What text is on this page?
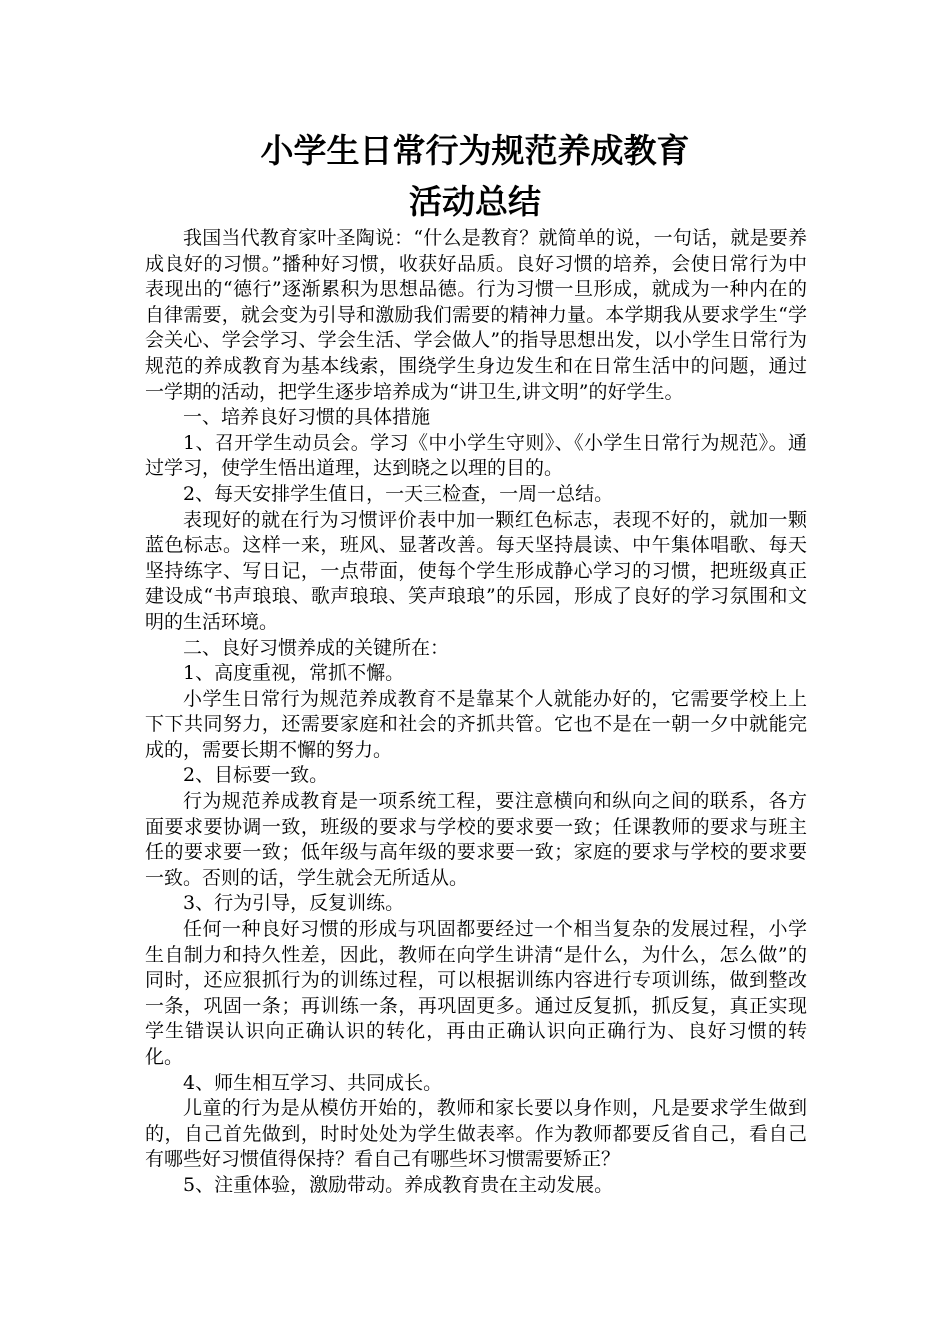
小学生日常行为规范养成教育
活动总结

我国当代教育家叶圣陶说：“什么是教育？就简单的说，一句话，就是要养成良好的习惯。”播种好习惯，收获好品质。良好习惯的培养，会使日常行为中表现出的“德行”逐渐累积为思想品德。行为习惯一旦形成，就成为一种内在的自律需要，就会变为引导和激励我们需要的精神力量。本学期我从要求学生“学会关心、学会学习、学会生活、学会做人”的指导思想出发，以小学生日常行为规范的养成教育为基本线索，围绕学生身边发生和在日常生活中的问题，通过一学期的活动，把学生逐步培养成为“讲卫生,讲文明”的好学生。

一、培养良好习惯的具体措施

1、召开学生动员会。学习《中小学生守则》、《小学生日常行为规范》。通过学习，使学生悟出道理，达到晓之以理的目的。

2、每天安排学生值日，一天三检查，一周一总结。

表现好的就在行为习惯评价表中加一颗红色标志，表现不好的，就加一颗蓝色标志。这样一来，班风、显著改善。每天坚持晨读、中午集体唱歌、每天坚持练字、写日记，一点带面，使每个学生形成静心学习的习惯，把班级真正建设成“书声琅琅、歌声琅琅、笑声琅琅”的乐园，形成了良好的学习氛围和文明的生活环境。

二、良好习惯养成的关键所在：

1、高度重视，常抓不懈。

小学生日常行为规范养成教育不是靠某个人就能办好的，它需要学校上上下下共同努力，还需要家庭和社会的齐抓共管。它也不是在一朝一夕中就能完成的，需要长期不懈的努力。

2、目标要一致。

行为规范养成教育是一项系统工程，要注意横向和纵向之间的联系，各方面要求要协调一致，班级的要求与学校的要求要一致；任课教师的要求与班主任的要求要一致；低年级与高年级的要求要一致；家庭的要求与学校的要求要一致。否则的话，学生就会无所适从。

3、行为引导，反复训练。

任何一种良好习惯的形成与巩固都要经过一个相当复杂的发展过程，小学生自制力和持久性差，因此，教师在向学生讲清“是什么，为什么，怎么做”的同时，还应狠抓行为的训练过程，可以根据训练内容进行专项训练，做到整改一条，巩固一条；再训练一条，再巩固更多。通过反复抓，抓反复，真正实现学生错误认识向正确认识的转化，再由正确认识向正确行为、良好习惯的转化。

4、师生相互学习、共同成长。

儿童的行为是从模仿开始的，教师和家长要以身作则，凡是要求学生做到的，自己首先做到，时时处处为学生做表率。作为教师都要反省自己，看自己有哪些好习惯值得保持？看自己有哪些坏习惯需要矫正？

5、注重体验，激励带动。养成教育贵在主动发展。
